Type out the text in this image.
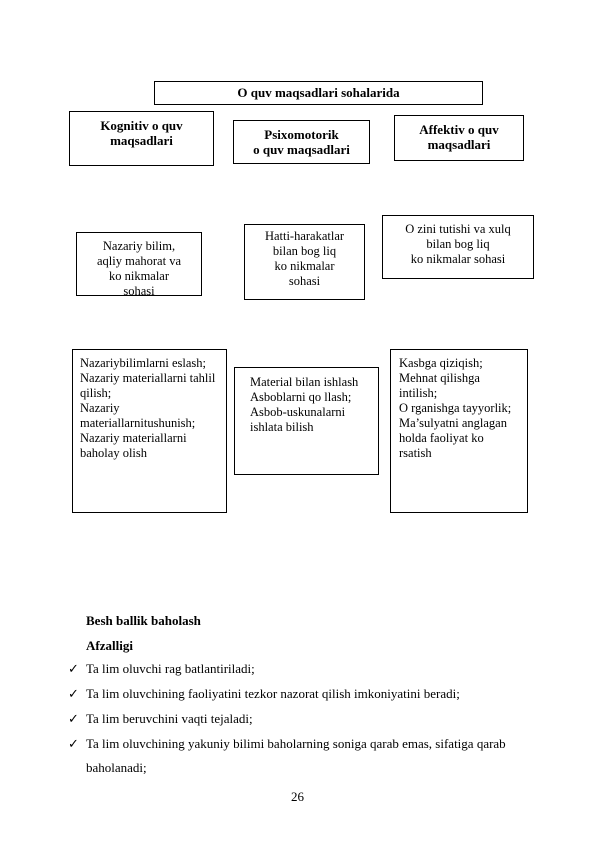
O quv maqsadlari sohalarida
Kognitiv o quv
maqsadlari	Psixomotorik
o quv maqsadlari
Affektiv o quv
maqsadlari
Nazariy bilim,
aqliy mahorat va
ko nikmalar
sohasi
Hatti-harakatlar
bilan bog liq
ko nikmalar
sohasi
O zini tutishi va xulq
bilan bog liq
ko nikmalar sohasi

Nazariybilimlarni eslash;

Nazariy materiallarni tahlil qilish;

Nazariy materiallarnitushunish;

Nazariy materiallarni baholay olish

Material bilan ishlash

Asboblarni qo llash;

Asbob-uskunalarni ishlata bilish

Kasbga qiziqish;

Mehnat qilishga intilish;

O rganishga tayyorlik;

Ma’sulyatni anglagan holda faoliyat ko rsatish

Besh ballik baholash
Afzalligi
✓ Ta lim oluvchi rag batlantiriladi;
✓ Ta lim oluvchining faoliyatini tezkor nazorat qilish imkoniyatini beradi;
✓ Ta lim beruvchini vaqti tejaladi;
✓ Ta lim oluvchining yakuniy bilimi baholarning soniga qarab emas, sifatiga qarab
baholanadi;
26
